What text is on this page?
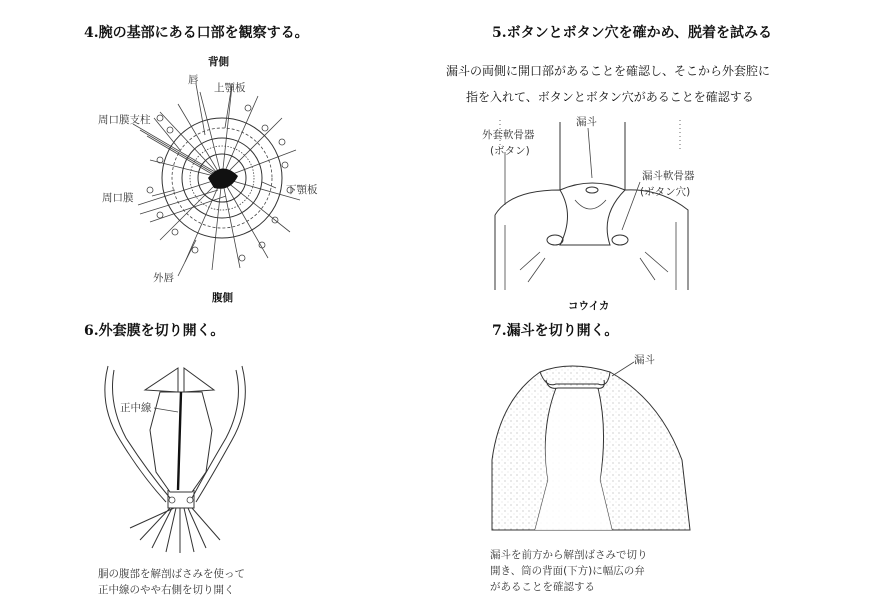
4.腕の基部にある口部を観察する。
背側
唇
上顎板
周口膜支柱
下顎板
周口膜
外唇
腹側
5.ボタンとボタン穴を確かめ、脱着を試みる
漏斗の両側に開口部があることを確認し、そこから外套腔に
指を入れて、ボタンとボタン穴があることを確認する
外套軟骨器
(ボタン)
漏斗
漏斗軟骨器
(ボタン穴)
コウイカ
6.外套膜を切り開く。
正中線
胴の腹部を解剖ばさみを使って
正中線のやや右側を切り開く
7.漏斗を切り開く。
漏斗
漏斗を前方から解剖ばさみで切り
開き、筒の背面(下方)に幅広の弁
があることを確認する
